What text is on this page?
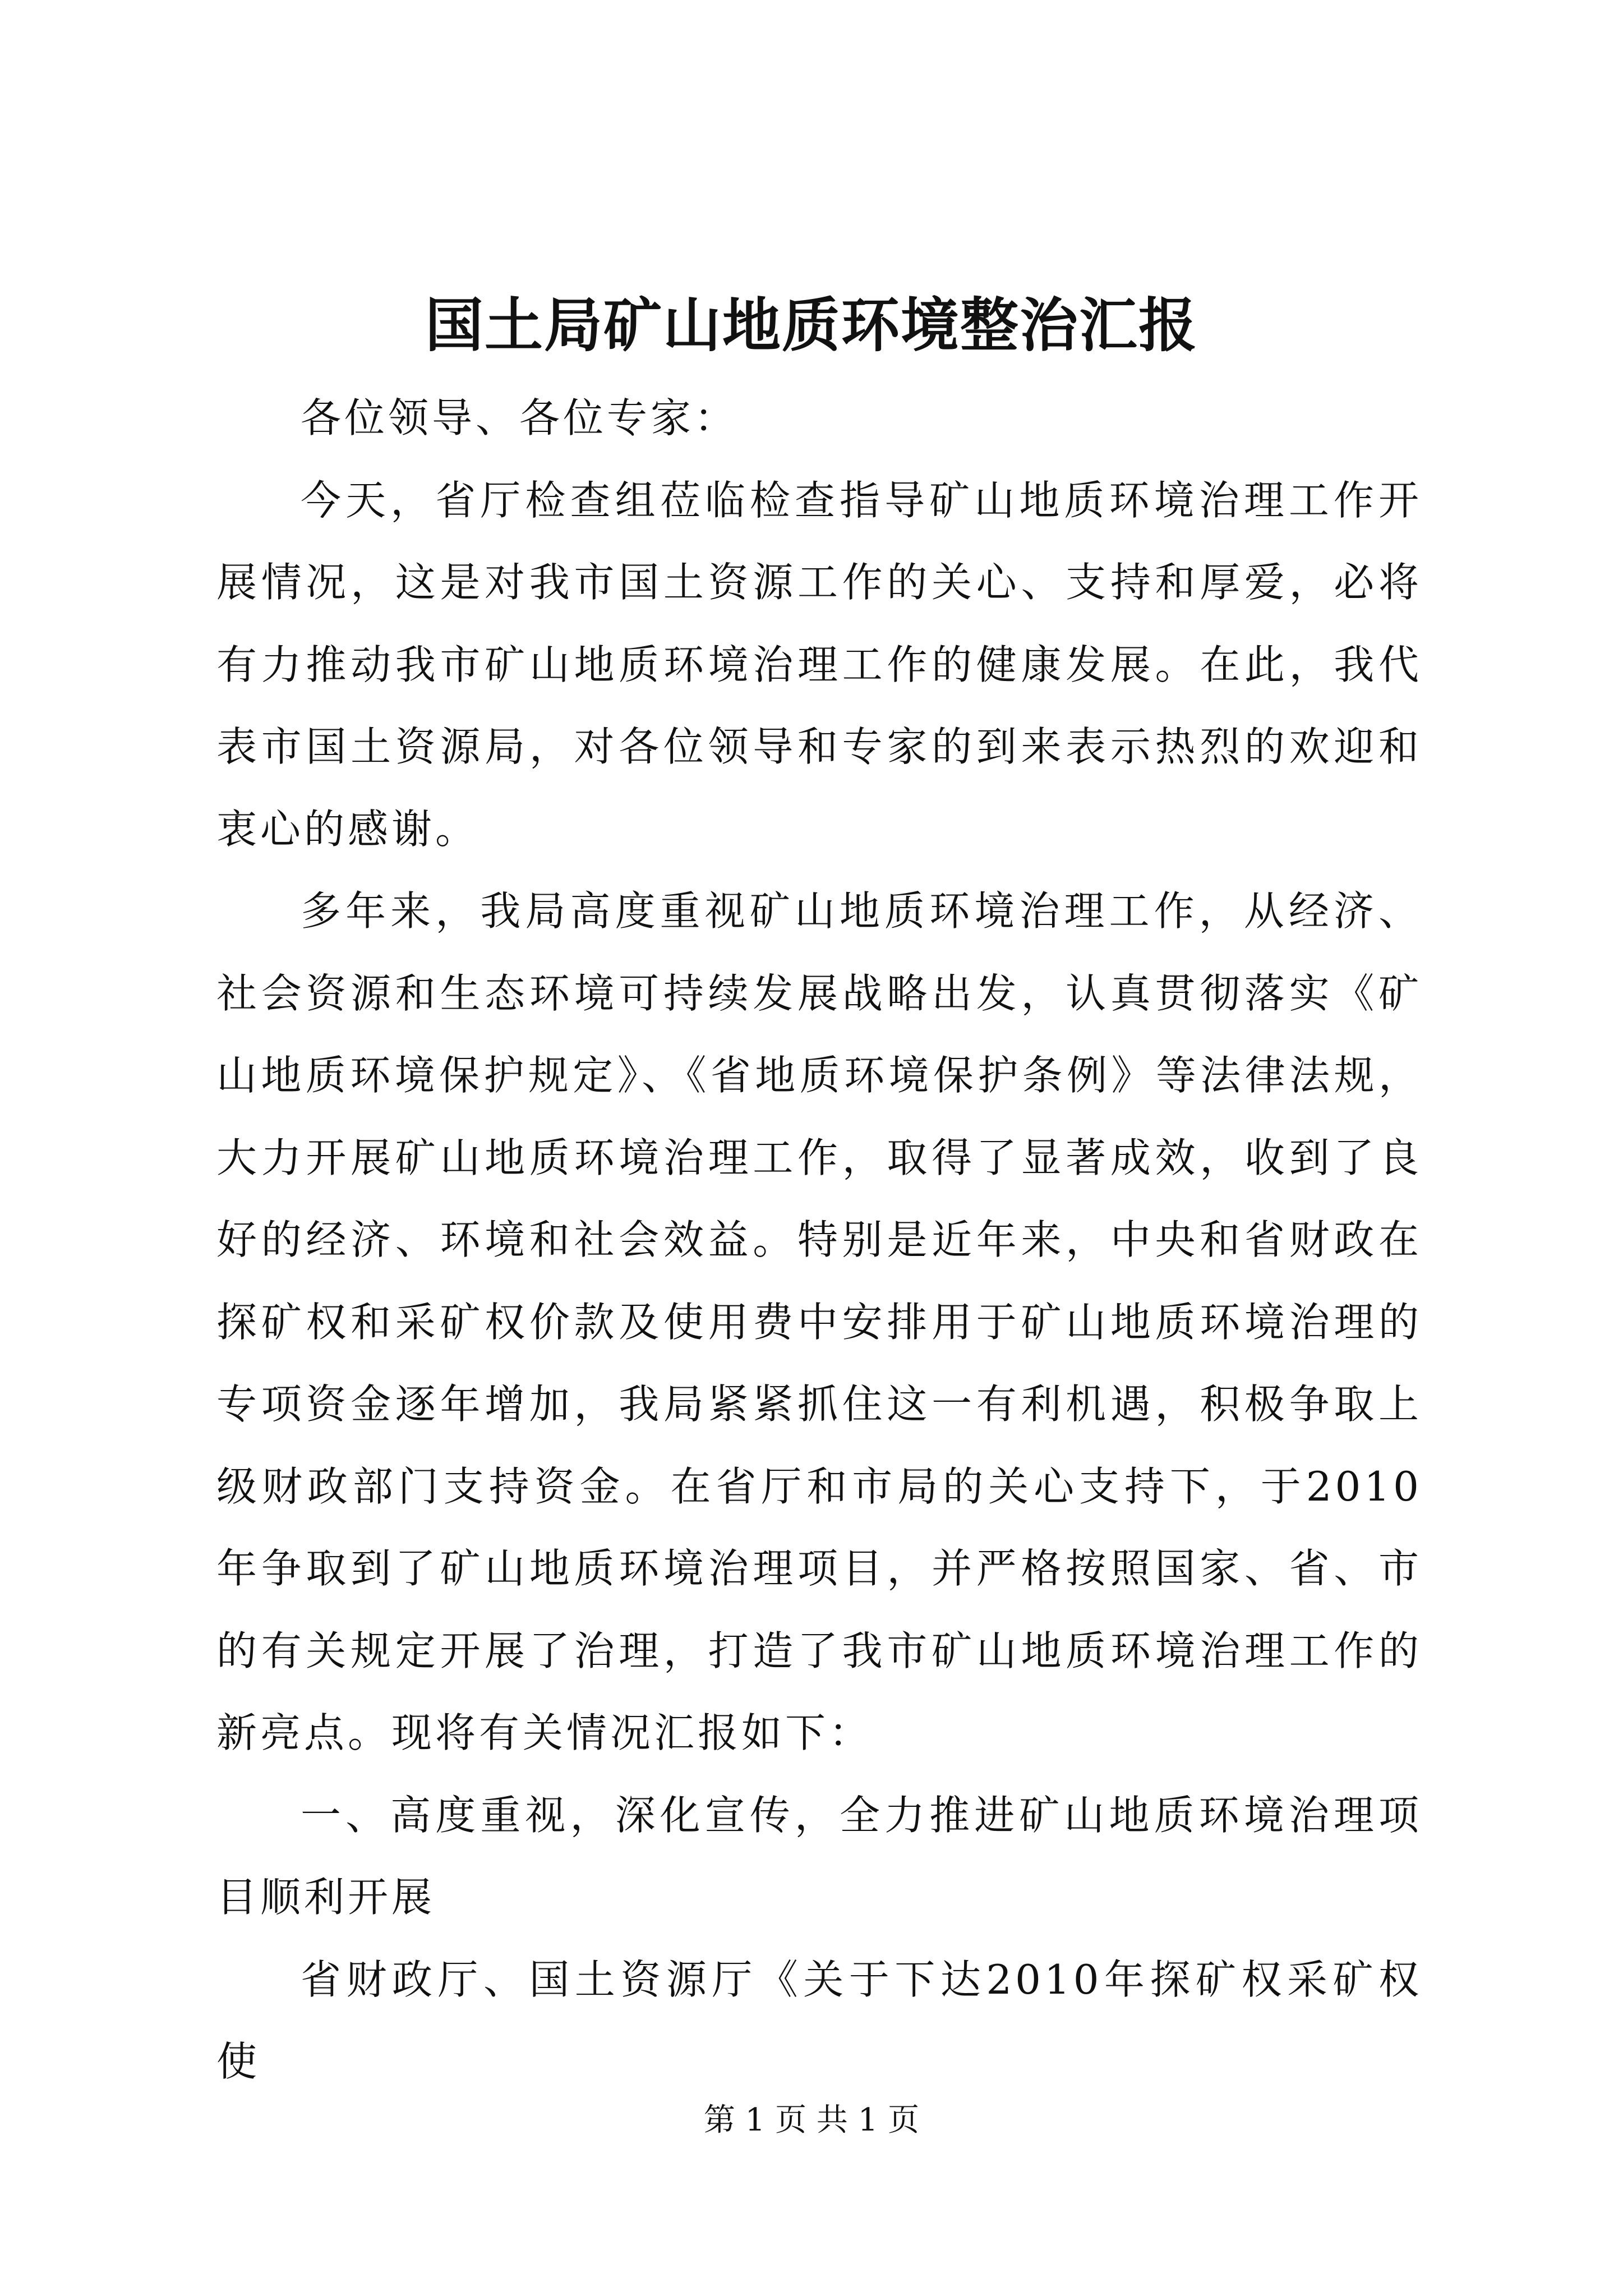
国土局矿山地质环境整治汇报

各位领导、各位专家：

今天，省厅检查组莅临检查指导矿山地质环境治理工作开展情况，这是对我市国土资源工作的关心、支持和厚爱，必将有力推动我市矿山地质环境治理工作的健康发展。在此，我代表市国土资源局，对各位领导和专家的到来表示热烈的欢迎和衷心的感谢。

多年来，我局高度重视矿山地质环境治理工作，从经济、社会资源和生态环境可持续发展战略出发，认真贯彻落实《矿山地质环境保护规定》、《省地质环境保护条例》等法律法规，大力开展矿山地质环境治理工作，取得了显著成效，收到了良好的经济、环境和社会效益。特别是近年来，中央和省财政在探矿权和采矿权价款及使用费中安排用于矿山地质环境治理的专项资金逐年增加，我局紧紧抓住这一有利机遇，积极争取上级财政部门支持资金。在省厅和市局的关心支持下，于2010年争取到了矿山地质环境治理项目，并严格按照国家、省、市的有关规定开展了治理，打造了我市矿山地质环境治理工作的新亮点。现将有关情况汇报如下：

一、高度重视，深化宣传，全力推进矿山地质环境治理项目顺利开展

省财政厅、国土资源厅《关于下达2010年探矿权采矿权使

第 1 页 共 1 页
